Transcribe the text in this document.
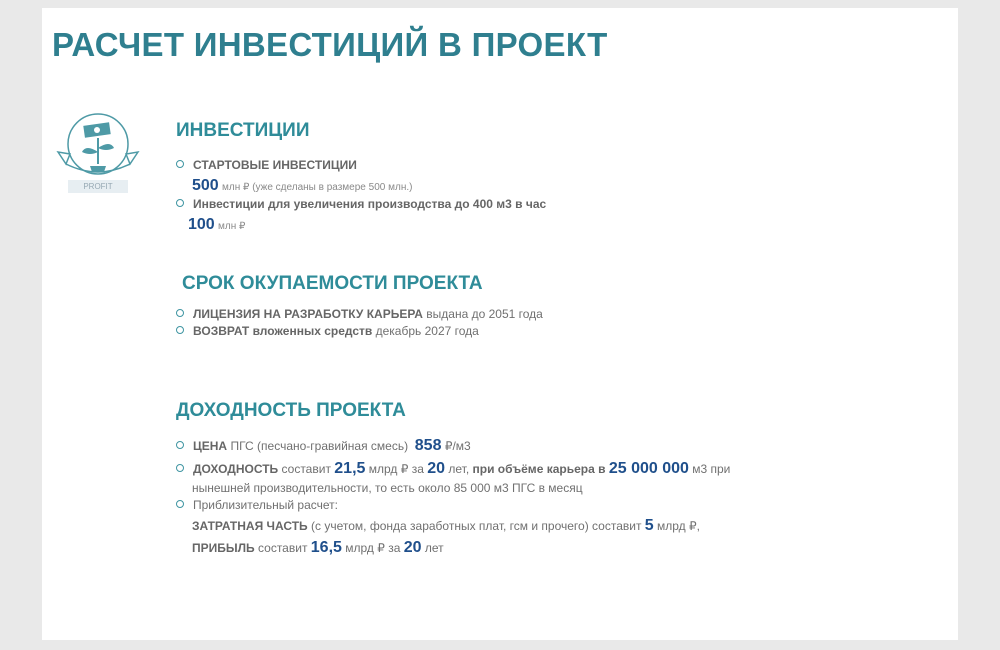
РАСЧЕТ ИНВЕСТИЦИЙ В ПРОЕКТ
PROFIT
ИНВЕСТИЦИИ
СТАРТОВЫЕ ИНВЕСТИЦИИ
500 млн ₽ (уже сделаны в размере 500 млн.)
Инвестиции для увеличения производства до 400 м3 в час
100 млн ₽
СРОК ОКУПАЕМОСТИ ПРОЕКТА
ЛИЦЕНЗИЯ НА РАЗРАБОТКУ КАРЬЕРА выдана до 2051 года
ВОЗВРАТ вложенных средств декабрь 2027 года
ДОХОДНОСТЬ ПРОЕКТА
ЦЕНА ПГС (песчано-гравийная смесь) 858 ₽/м3
ДОХОДНОСТЬ составит 21,5 млрд ₽ за 20 лет, при объёме карьера в 25 000 000 м3 при
нынешней производительности, то есть около 85 000 м3 ПГС в месяц
Приблизительный расчет:
ЗАТРАТНАЯ ЧАСТЬ (с учетом, фонда заработных плат, гсм и прочего) составит 5 млрд ₽,
ПРИБЫЛЬ составит 16,5 млрд ₽ за 20 лет
